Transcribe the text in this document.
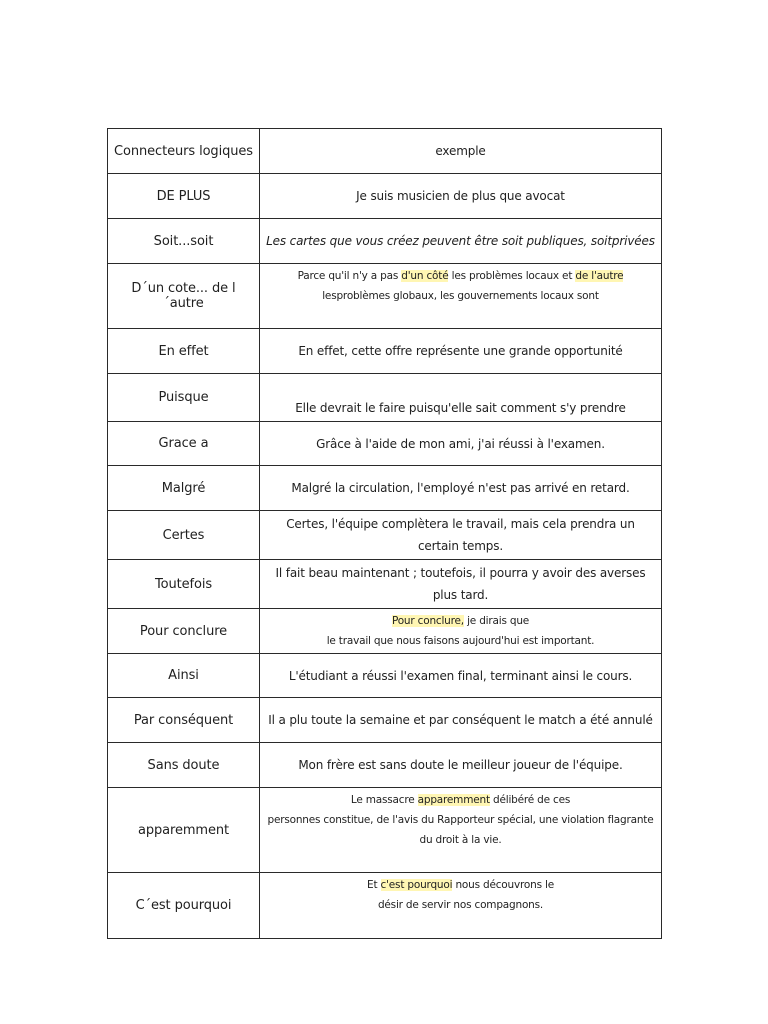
Connecteurs logiques	exemple
DE PLUS	Je suis musicien de plus que avocat
Soit...soit	Les cartes que vous créez peuvent être soit publiques, soitprivées
D´un cote... de l´autre	Parce qu'il n'y a pas d'un côté les problèmes locaux et de l'autre lesproblèmes globaux, les gouvernements locaux sont
En effet	En effet, cette offre représente une grande opportunité
Puisque	Elle devrait le faire puisqu'elle sait comment s'y prendre
Grace a	Grâce à l'aide de mon ami, j'ai réussi à l'examen.
Malgré	Malgré la circulation, l'employé n'est pas arrivé en retard.
Certes	Certes, l'équipe complètera le travail, mais cela prendra un certain temps.
Toutefois	Il fait beau maintenant ; toutefois, il pourra y avoir des averses plus tard.
Pour conclure	Pour conclure, je dirais que
le travail que nous faisons aujourd'hui est important.
Ainsi	L'étudiant a réussi l'examen final, terminant ainsi le cours.
Par conséquent	Il a plu toute la semaine et par conséquent le match a été annulé
Sans doute	Mon frère est sans doute le meilleur joueur de l'équipe.
apparemment	Le massacre apparemment délibéré de ces
personnes constitue, de l'avis du Rapporteur spécial, une violation flagrante du droit à la vie.
C´est pourquoi	Et c'est pourquoi nous découvrons le
désir de servir nos compagnons.
